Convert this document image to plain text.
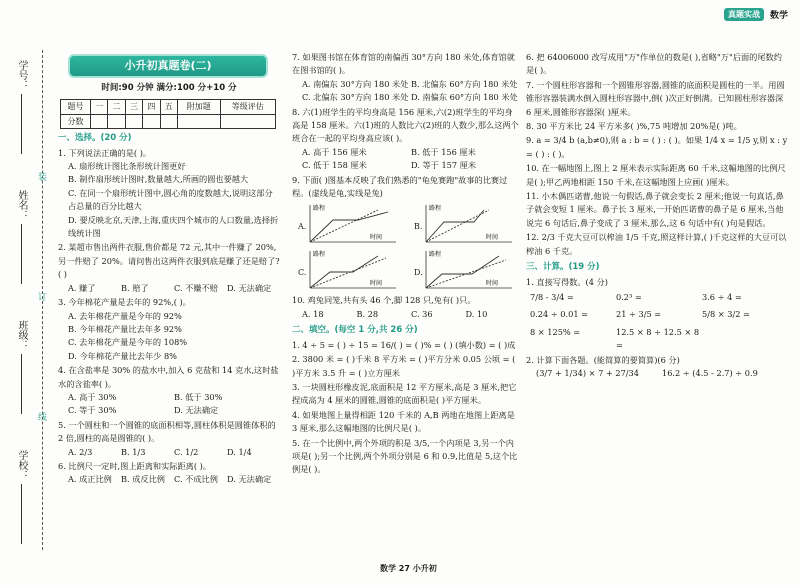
真题实战	数学
学号：
姓名：
班级：
学校：
装
订
线
小升初真题卷(二)
时间:90 分钟 满分:100 分+10 分
题号	一	二	三	四	五	附加题	等级评估
分数							
一、选择。(20 分)
1. 下列说法正确的是( )。
A. 扇形统计图比条形统计图更好
B. 制作扇形统计图时,数量越大,所画的圆也要越大
C. 在同一个扇形统计图中,圆心角的度数越大,说明这部分占总量的百分比越大
D. 要反映北京,天津,上海,重庆四个城市的人口数量,选择折线统计图
2. 某超市售出两件衣服,售价都是 72 元,其中一件赚了 20%,另一件赔了 20%。请问售出这两件衣服到底是赚了还是赔了?( )
A. 赚了	B. 赔了	C. 不赚不赔	D. 无法确定
3. 今年棉花产量是去年的 92%,( )。
A. 去年棉花产量是今年的 92%
B. 今年棉花产量比去年多 92%
C. 去年棉花产量是今年的 108%
D. 今年棉花产量比去年少 8%
4. 在含盐率是 30% 的盐水中,加入 6 克盐和 14 克水,这时盐水的含盐率( )。
A. 高于 30%	B. 低于 30%
C. 等于 30%	D. 无法确定
5. 一个圆柱和一个圆锥的底面积相等,圆柱体积是圆锥体积的 2 倍,圆柱的高是圆锥的( )。
A. 2/3	B. 1/3	C. 1/2	D. 1/4
6. 比例尺一定时,图上距离和实际距离( )。
A. 成正比例	B. 成反比例	C. 不成比例	D. 无法确定
7. 如果图书馆在体育馆的南偏西 30°方向 180 米处,体育馆就在图书馆的( )。
A. 南偏东 30°方向 180 米处 B. 北偏东 60°方向 180 米处
C. 北偏东 30°方向 180 米处 D. 南偏东 60°方向 180 米处
8. 六(1)班学生的平均身高是 156 厘米,六(2)班学生的平均身高是 158 厘米。六(1)班的人数比六(2)班的人数少,那么这两个班合在一起的平均身高应该( )。
A. 高于 156 厘米	B. 低于 156 厘米
C. 低于 158 厘米	D. 等于 157 厘米
9. 下面( )图基本反映了我们熟悉的"龟兔赛跑"故事的比赛过程。(虚线是龟,实线是兔)
A.
路程
时间
B.
路程
时间
C.
路程
时间
D.
路程
时间
10. 鸡兔同笼,共有头 46 个,脚 128 只,兔有( )只。
A. 18	B. 28	C. 36	D. 10
二、填空。(每空 1 分,共 26 分)
1. 4 ÷ 5 = ( ) ÷ 15 = 16/( ) = ( )% = ( ) (填小数) = ( )成
2. 3800 米 = ( )千米 8 平方米 = ( )平方分米 0.05 公顷 = ( )平方米 3.5 升 = ( )立方厘米
3. 一块圆柱形橡皮泥,底面积是 12 平方厘米,高是 3 厘米,把它捏成高为 4 厘米的圆锥,圆锥的底面积是( )平方厘米。
4. 如果地图上量得相距 120 千米的 A,B 两地在地图上距离是 3 厘米,那么这幅地图的比例尺是( )。
5. 在一个比例中,两个外项的积是 3/5,一个内项是 3,另一个内项是( );另一个比例,两个外项分别是 6 和 0.9,比值是 5,这个比例是( )。
6. 把 64006000 改写成用"万"作单位的数是( ),省略"万"后面的尾数约是( )。
7. 一个圆柱形容器和一个圆锥形容器,圆锥的底面积是圆柱的一半。用圆锥形容器装满水倒入圆柱形容器中,倒( )次正好倒满。已知圆柱形容器深 6 厘米,圆锥形容器深( )厘米。
8. 30 平方米比 24 平方米多( )%,75 吨增加 20%是( )吨。
9. a = 3/4 b (a,b≠0),则 a : b = ( ) : ( )。如果 1/4 x = 1/5 y,则 x : y = ( ) : ( )。
10. 在一幅地图上,图上 2 厘米表示实际距离 60 千米,这幅地图的比例尺是( );甲乙两地相距 150 千米,在这幅地图上应画( )厘米。
11. 小木偶匹诺曹,他说一句假话,鼻子就会变长 2 厘米;他说一句真话,鼻子就会变短 1 厘米。鼻子长 3 厘米,一开始匹诺曹的鼻子是 6 厘米,当他说完 6 句话后,鼻子变成了 3 厘米,那么,这 6 句话中有( )句是假话。
12. 2/3 千克大豆可以榨油 1/5 千克,照这样计算,( )千克这样的大豆可以榨油 6 千克。
三、计算。(19 分)
1. 直接写得数。(4 分)
7/8 - 3/4 =	0.2³ =	3.6 ÷ 4 =
0.24 ÷ 0.01 =	21 ÷ 3/5 =	5/8 × 3/2 =
8 × 125% =	12.5 × 8 ÷ 12.5 × 8 =
2. 计算下面各题。(能简算的要简算)(6 分)
(3/7 + 1/34) × 7 + 27/34	16.2 ÷ (4.5 - 2.7) ÷ 0.9
数学 27 小升初
